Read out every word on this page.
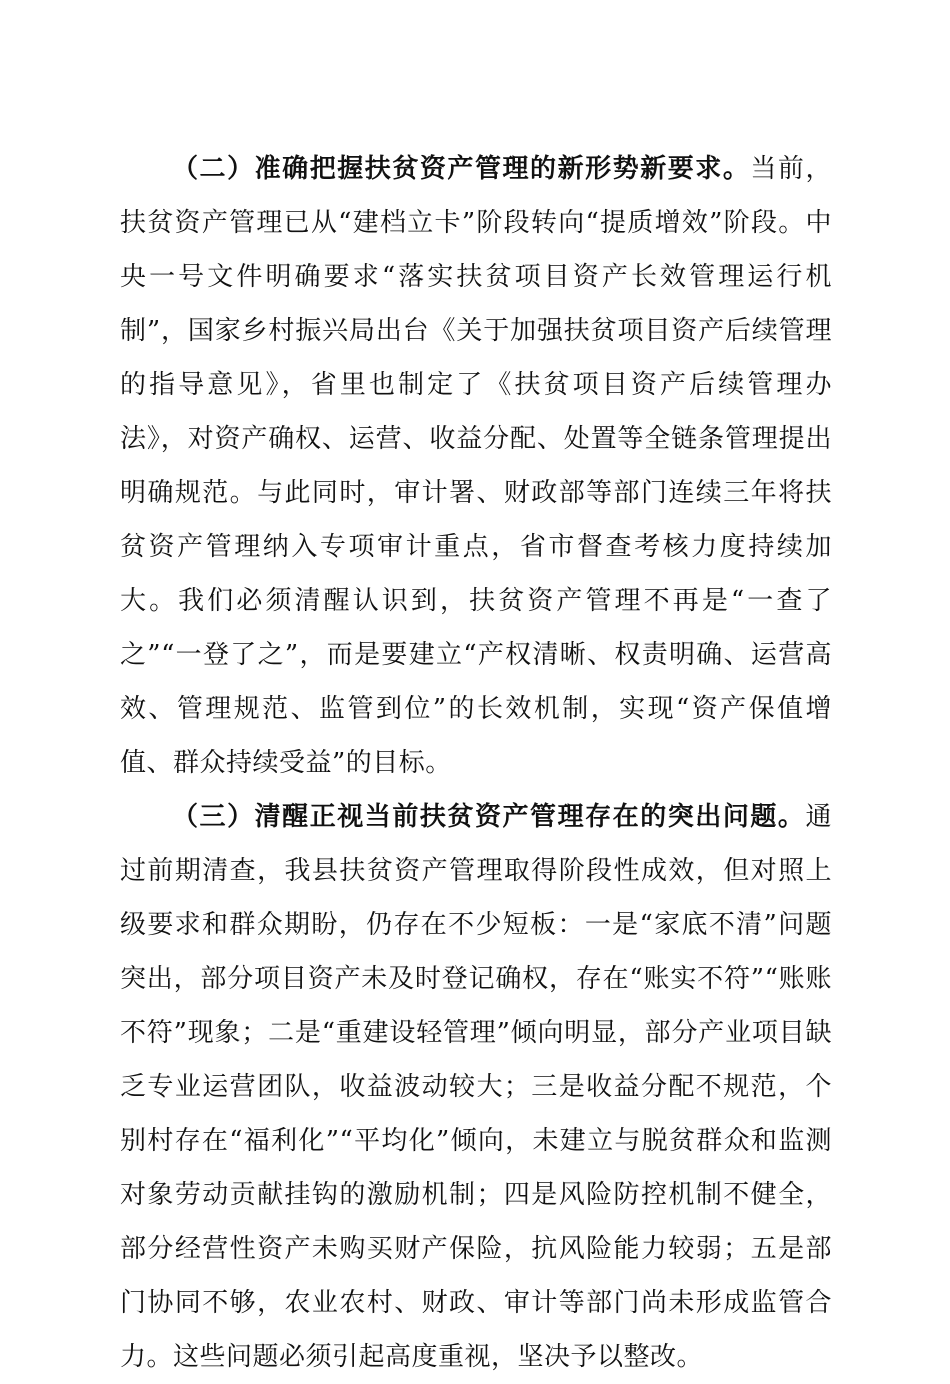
（二）准确把握扶贫资产管理的新形势新要求。当前，扶贫资产管理已从“建档立卡”阶段转向“提质增效”阶段。中央一号文件明确要求“落实扶贫项目资产长效管理运行机制”，国家乡村振兴局出台《关于加强扶贫项目资产后续管理的指导意见》，省里也制定了《扶贫项目资产后续管理办法》，对资产确权、运营、收益分配、处置等全链条管理提出明确规范。与此同时，审计署、财政部等部门连续三年将扶贫资产管理纳入专项审计重点，省市督查考核力度持续加大。我们必须清醒认识到，扶贫资产管理不再是“一查了之”“一登了之”，而是要建立“产权清晰、权责明确、运营高效、管理规范、监管到位”的长效机制，实现“资产保值增值、群众持续受益”的目标。

（三）清醒正视当前扶贫资产管理存在的突出问题。通过前期清查，我县扶贫资产管理取得阶段性成效，但对照上级要求和群众期盼，仍存在不少短板：一是“家底不清”问题突出，部分项目资产未及时登记确权，存在“账实不符”“账账不符”现象；二是“重建设轻管理”倾向明显，部分产业项目缺乏专业运营团队，收益波动较大；三是收益分配不规范，个别村存在“福利化”“平均化”倾向，未建立与脱贫群众和监测对象劳动贡献挂钩的激励机制；四是风险防控机制不健全，部分经营性资产未购买财产保险，抗风险能力较弱；五是部门协同不够，农业农村、财政、审计等部门尚未形成监管合力。这些问题必须引起高度重视，坚决予以整改。
